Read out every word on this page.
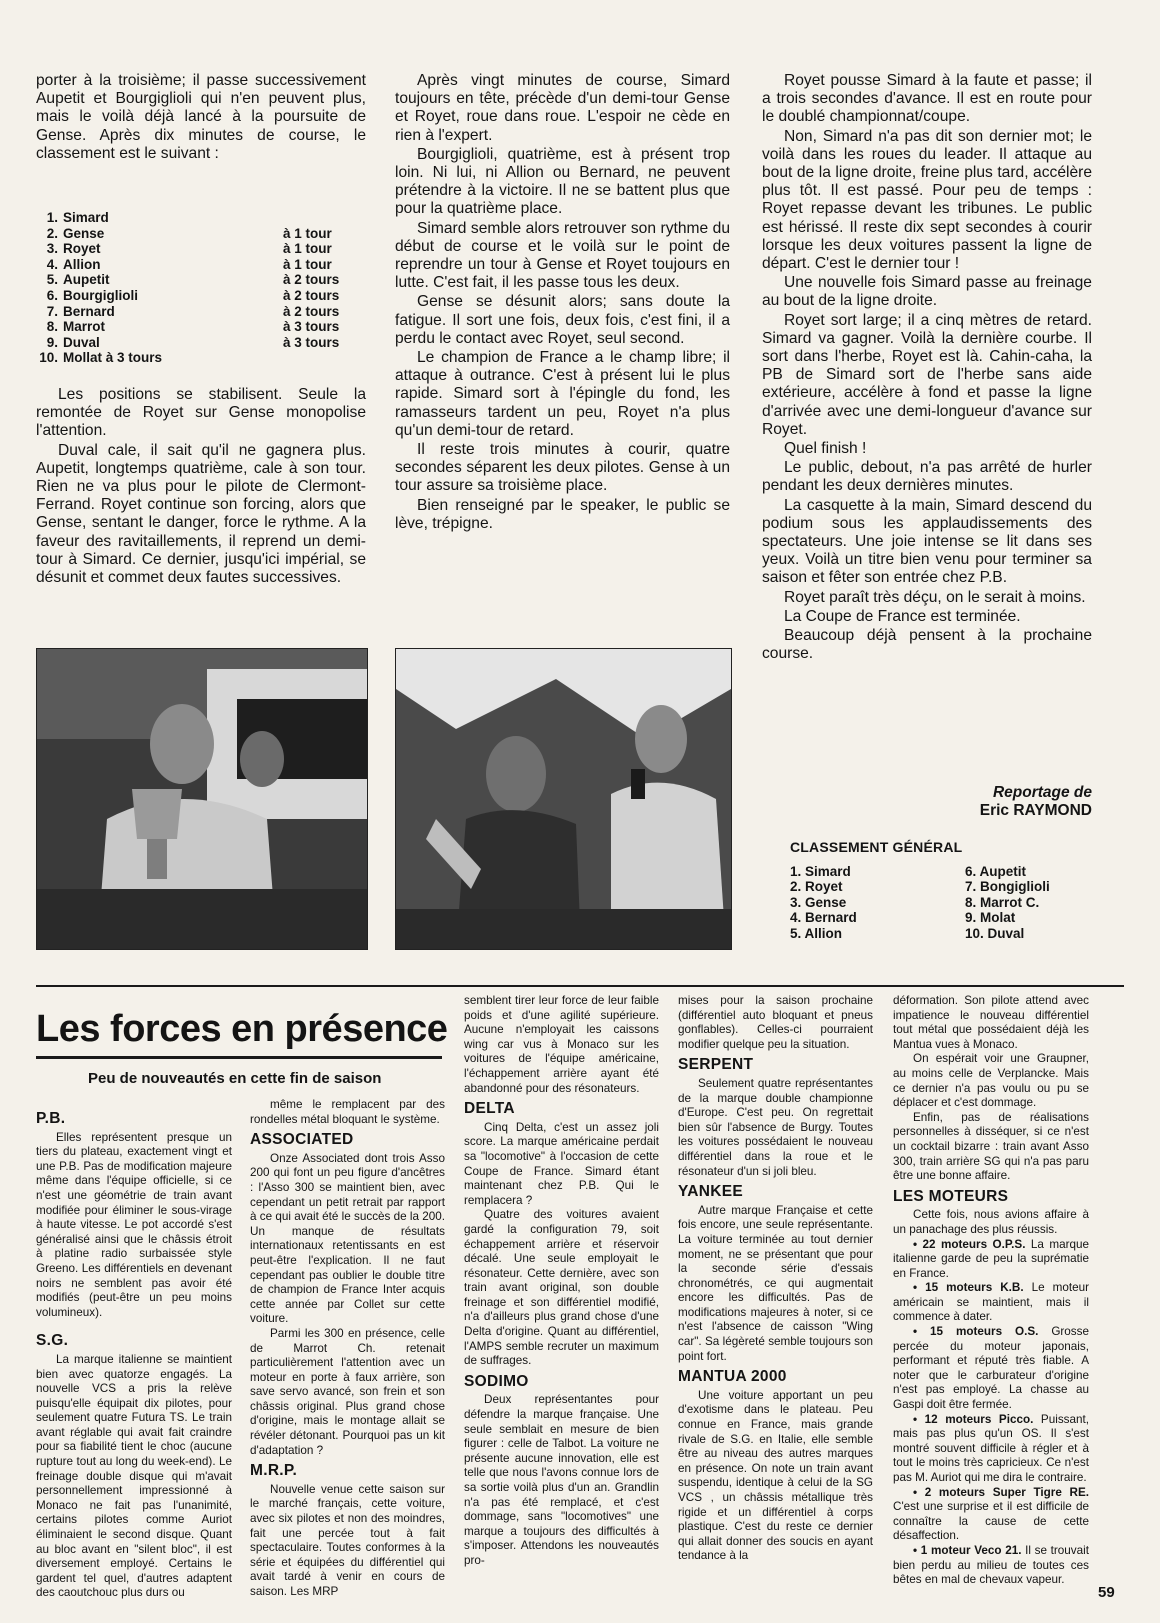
porter à la troisième; il passe successivement Aupetit et Bourgiglioli qui n'en peuvent plus, mais le voilà déjà lancé à la poursuite de Gense. Après dix minutes de course, le classement est le suivant :

1. Simard
2. Gense	à 1 tour
3. Royet	à 1 tour
4. Allion	à 1 tour
5. Aupetit	à 2 tours
6. Bourgiglioli	à 2 tours
7. Bernard	à 2 tours
8. Marrot	à 3 tours
9. Duval	à 3 tours
10. Mollat à 3 tours

Les positions se stabilisent. Seule la remontée de Royet sur Gense monopolise l'attention.

Duval cale, il sait qu'il ne gagnera plus. Aupetit, longtemps quatrième, cale à son tour. Rien ne va plus pour le pilote de Clermont-Ferrand. Royet continue son forcing, alors que Gense, sentant le danger, force le rythme. A la faveur des ravitaillements, il reprend un demi-tour à Simard. Ce dernier, jusqu'ici impérial, se désunit et commet deux fautes successives.

Après vingt minutes de course, Simard toujours en tête, précède d'un demi-tour Gense et Royet, roue dans roue. L'espoir ne cède en rien à l'expert.

Bourgiglioli, quatrième, est à présent trop loin. Ni lui, ni Allion ou Bernard, ne peuvent prétendre à la victoire. Il ne se battent plus que pour la quatrième place.

Simard semble alors retrouver son rythme du début de course et le voilà sur le point de reprendre un tour à Gense et Royet toujours en lutte. C'est fait, il les passe tous les deux.

Gense se désunit alors; sans doute la fatigue. Il sort une fois, deux fois, c'est fini, il a perdu le contact avec Royet, seul second.

Le champion de France a le champ libre; il attaque à outrance. C'est à présent lui le plus rapide. Simard sort à l'épingle du fond, les ramasseurs tardent un peu, Royet n'a plus qu'un demi-tour de retard.

Il reste trois minutes à courir, quatre secondes séparent les deux pilotes. Gense à un tour assure sa troisième place.

Bien renseigné par le speaker, le public se lève, trépigne.

Royet pousse Simard à la faute et passe; il a trois secondes d'avance. Il est en route pour le doublé championnat/coupe.

Non, Simard n'a pas dit son dernier mot; le voilà dans les roues du leader. Il attaque au bout de la ligne droite, freine plus tard, accélère plus tôt. Il est passé. Pour peu de temps : Royet repasse devant les tribunes. Le public est hérissé. Il reste dix sept secondes à courir lorsque les deux voitures passent la ligne de départ. C'est le dernier tour !

Une nouvelle fois Simard passe au freinage au bout de la ligne droite.

Royet sort large; il a cinq mètres de retard. Simard va gagner. Voilà la dernière courbe. Il sort dans l'herbe, Royet est là. Cahin-caha, la PB de Simard sort de l'herbe sans aide extérieure, accélère à fond et passe la ligne d'arrivée avec une demi-longueur d'avance sur Royet.

Quel finish !

Le public, debout, n'a pas arrêté de hurler pendant les deux dernières minutes.

La casquette à la main, Simard descend du podium sous les applaudissements des spectateurs. Une joie intense se lit dans ses yeux. Voilà un titre bien venu pour terminer sa saison et fêter son entrée chez P.B.

Royet paraît très déçu, on le serait à moins.

La Coupe de France est terminée.

Beaucoup déjà pensent à la prochaine course.

Reportage de
Eric RAYMOND
CLASSEMENT GÉNÉRAL
1. Simard	6. Aupetit
2. Royet	7. Bongiglioli
3. Gense	8. Marrot C.
4. Bernard	9. Molat
5. Allion	10. Duval
Les forces en présence
Peu de nouveautés en cette fin de saison
P.B.

Elles représentent presque un tiers du plateau, exactement vingt et une P.B. Pas de modification majeure même dans l'équipe officielle, si ce n'est une géométrie de train avant modifiée pour éliminer le sous-virage à haute vitesse. Le pot accordé s'est généralisé ainsi que le châssis étroit à platine radio surbaissée style Greeno. Les différentiels en devenant noirs ne semblent pas avoir été modifiés (peut-être un peu moins volumineux).

S.G.

La marque italienne se maintient bien avec quatorze engagés. La nouvelle VCS a pris la relève puisqu'elle équipait dix pilotes, pour seulement quatre Futura TS. Le train avant réglable qui avait fait craindre pour sa fiabilité tient le choc (aucune rupture tout au long du week-end). Le freinage double disque qui m'avait personnellement impressionné à Monaco ne fait pas l'unanimité, certains pilotes comme Auriot éliminaient le second disque. Quant au bloc avant en "silent bloc", il est diversement employé. Certains le gardent tel quel, d'autres adaptent des caoutchouc plus durs ou

même le remplacent par des rondelles métal bloquant le système.

ASSOCIATED

Onze Associated dont trois Asso 200 qui font un peu figure d'ancêtres : l'Asso 300 se maintient bien, avec cependant un petit retrait par rapport à ce qui avait été le succès de la 200. Un manque de résultats internationaux retentissants en est peut-être l'explication. Il ne faut cependant pas oublier le double titre de champion de France Inter acquis cette année par Collet sur cette voiture.

Parmi les 300 en présence, celle de Marrot Ch. retenait particulièrement l'attention avec un moteur en porte à faux arrière, son save servo avancé, son frein et son châssis original. Plus grand chose d'origine, mais le montage allait se révéler détonant. Pourquoi pas un kit d'adaptation ?

M.R.P.

Nouvelle venue cette saison sur le marché français, cette voiture, avec six pilotes et non des moindres, fait une percée tout à fait spectaculaire. Toutes conformes à la série et équipées du différentiel qui avait tardé à venir en cours de saison. Les MRP

semblent tirer leur force de leur faible poids et d'une agilité supérieure. Aucune n'employait les caissons wing car vus à Monaco sur les voitures de l'équipe américaine, l'échappement arrière ayant été abandonné pour des résonateurs.

DELTA

Cinq Delta, c'est un assez joli score. La marque américaine perdait sa "locomotive" à l'occasion de cette Coupe de France. Simard étant maintenant chez P.B. Qui le remplacera ?

Quatre des voitures avaient gardé la configuration 79, soit échappement arrière et réservoir décalé. Une seule employait le résonateur. Cette dernière, avec son train avant original, son double freinage et son différentiel modifié, n'a d'ailleurs plus grand chose d'une Delta d'origine. Quant au différentiel, l'AMPS semble recruter un maximum de suffrages.

SODIMO

Deux représentantes pour défendre la marque française. Une seule semblait en mesure de bien figurer : celle de Talbot. La voiture ne présente aucune innovation, elle est telle que nous l'avons connue lors de sa sortie voilà plus d'un an. Grandlin n'a pas été remplacé, et c'est dommage, sans "locomotives" une marque a toujours des difficultés à s'imposer. Attendons les nouveautés pro-

mises pour la saison prochaine (différentiel auto bloquant et pneus gonflables). Celles-ci pourraient modifier quelque peu la situation.

SERPENT

Seulement quatre représentantes de la marque double championne d'Europe. C'est peu. On regrettait bien sûr l'absence de Burgy. Toutes les voitures possédaient le nouveau différentiel dans la roue et le résonateur d'un si joli bleu.

YANKEE

Autre marque Française et cette fois encore, une seule représentante. La voiture terminée au tout dernier moment, ne se présentant que pour la seconde série d'essais chronométrés, ce qui augmentait encore les difficultés. Pas de modifications majeures à noter, si ce n'est l'absence de caisson "Wing car". Sa légèreté semble toujours son point fort.

MANTUA 2000

Une voiture apportant un peu d'exotisme dans le plateau. Peu connue en France, mais grande rivale de S.G. en Italie, elle semble être au niveau des autres marques en présence. On note un train avant suspendu, identique à celui de la SG VCS , un châssis métallique très rigide et un différentiel à corps plastique. C'est du reste ce dernier qui allait donner des soucis en ayant tendance à la

déformation. Son pilote attend avec impatience le nouveau différentiel tout métal que possédaient déjà les Mantua vues à Monaco.

On espérait voir une Graupner, au moins celle de Verplancke. Mais ce dernier n'a pas voulu ou pu se déplacer et c'est dommage.

Enfin, pas de réalisations personnelles à disséquer, si ce n'est un cocktail bizarre : train avant Asso 300, train arrière SG qui n'a pas paru être une bonne affaire.

LES MOTEURS

Cette fois, nous avions affaire à un panachage des plus réussis.

• 22 moteurs O.P.S. La marque italienne garde de peu la suprématie en France.

• 15 moteurs K.B. Le moteur américain se maintient, mais il commence à dater.

• 15 moteurs O.S. Grosse percée du moteur japonais, performant et réputé très fiable. A noter que le carburateur d'origine n'est pas employé. La chasse au Gaspi doit être fermée.

• 12 moteurs Picco. Puissant, mais pas plus qu'un OS. Il s'est montré souvent difficile à régler et à tout le moins très capricieux. Ce n'est pas M. Auriot qui me dira le contraire.

• 2 moteurs Super Tigre RE. C'est une surprise et il est difficile de connaître la cause de cette désaffection.

• 1 moteur Veco 21. Il se trouvait bien perdu au milieu de toutes ces bêtes en mal de chevaux vapeur.

59
